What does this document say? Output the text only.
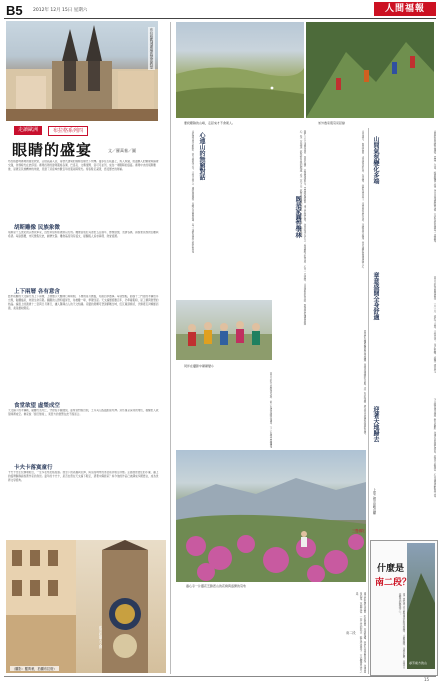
B5 2012年 12月 15日 星期六	人間福報
布拉格舊城廣場的提恩教堂
走讀歐洲	布拉格系列四
眼睛的盛宴	文／羅萬蓁／圖
布拉格舊城廣場的提恩教堂，尖塔高聳入雲，哥德式建築的線條在陽光下閃爍。漫步在石板路上，遊人如織，街頭藝人的樂聲與鐘聲交織，彷彿時光在此停留。廣場四周的建築風格各異，巴洛克、文藝復興、洛可可並列，成為一場眼睛的盛宴。廣場中央的胡斯雕像，是捷克民族精神的象徵，見證了這座城市數百年的風雨與榮光。遊客駐足凝望，感受歷史的厚重。
胡斯雕像 民族象徵
胡斯是十五世紀的宗教改革家，因堅持信仰而被處以火刑。雕像落成於其逝世五百週年，群像環繞，表情各異，訴說著民族的苦難與希望。每逢節慶，市民聚集於此，緬懷先賢。雕像基座刻有銘文，提醒後人追求真理、熱愛祖國。
上下兩層 各有意含
舊市政廳的天文鐘分為上下兩層，上層顯示天體運行與時間，下層則是月曆盤，刻畫四季農事。每到整點，耶穌十二門徒的木偶依序出現，骷髏搖鈴，象徵生命有限。圍觀的人群仰頭屏息，待雄雞一啼，掌聲四起。天文鐘歷經數百年，仍準確報時，是工藝與智慧的結晶。鐘面上的黃道十二宮與日月運行，讓人驚嘆古人的天文知識。旁邊的塔樓可登頂俯瞰全城，紅瓦屋頂綿延，伏爾塔瓦河蜿蜒而過，美景盡收眼底。
食堂欲望 虛榮成空
天文鐘下的木偶戲，骷髏代表死亡，守財奴手握錢袋，虛榮者對鏡自照，土耳其人搖頭拒絕死神。這些寓意深刻的角色，提醒世人欲望終將成空。佛家說「諸行無常」，東西方的智慧在此不謀而合。
卡夫卡落寞童行
卡夫卡出生於廣場附近，一生多在布拉格度過。他筆下的孤獨與荒謬，與這座城市的迷宮巷弄相互呼應。走過他曾居住的小屋，牆上的銘牌靜靜訴說著作家的身世。童年的卡夫卡，是否也曾在天文鐘下駐足，望著木偶發呆？如今他的作品已被譯成多國語言，成為世界文學經典。
（攝影：羅萬蓁，拍攝布拉格）
舊市政廳天文鐘
要爬艱險的山峰，走起來才不會累人。	郊外農家風景亮起綠
心連山的無窮對話
山的語言是沉默的，卻又無所不在。走在山徑上，風吹過樹梢，鳥鳴在谷間迴盪，每一步都是與大地的對話。	我們一行人清晨出發，背負行囊，沿著稜線前行。雲霧時聚時散，遠山若隱若現。休息時坐在石上，看著腳下的草原，心中一片澄明。山是最好的老師，教會我們謙卑與耐心。每一次登頂，都是對自我的超越；每一次下山，都帶著滿滿的感恩。與山對話，無窮無盡。
既是家圓哲學林	山中歲月，既是家園，也是哲學的林。在這裡，我們學習放下，學習與自然共處。夜晚星空璀璨，營火邊的故事溫暖人心。
同伴在攝影中漸漸變小	同伴們在攝影機前笑得燦爛，背後是連綿的山脈。這一刻的快樂，將成為日後最珍貴的回憶。
高山上的天氣變化多端，前一刻還是晴空萬里，下一刻便雲霧瀰漫。
養心寺一片靈花芝勝惹山的花樹與盛開的景象
滿山的杜鵑花盛開，紅紫相間，如錦如繡。我們在花叢間穿梭，彷彿置身仙境。花開花落，一如人生的起伏，唯有珍惜當下，方能體會生命之美。
山間氣氛變化多端	山間的氣象瞬息萬變，晨霧、午雨、晚霞輪番上演。登山者須隨時準備，方能安然度過每一段路程。
章意盛開全身舒適	高山上的花開得最盛，一片一片，染紅了山坡。走在其中，身心舒暢，疲憊一掃而空。
迎著天地歸去	下山時回望來路，群山靜默，彷彿在向我們道別。迎著天地歸去，心中滿是感動與不捨。
什麼是
南二段？
南二段指中央山脈南段的縱走路線，山勢險峻，景色壯麗，是登山者嚮往的路線之一。
尋芳前方的山
上帝之情 高峻山巔
三寶佛陀
南二段
15
